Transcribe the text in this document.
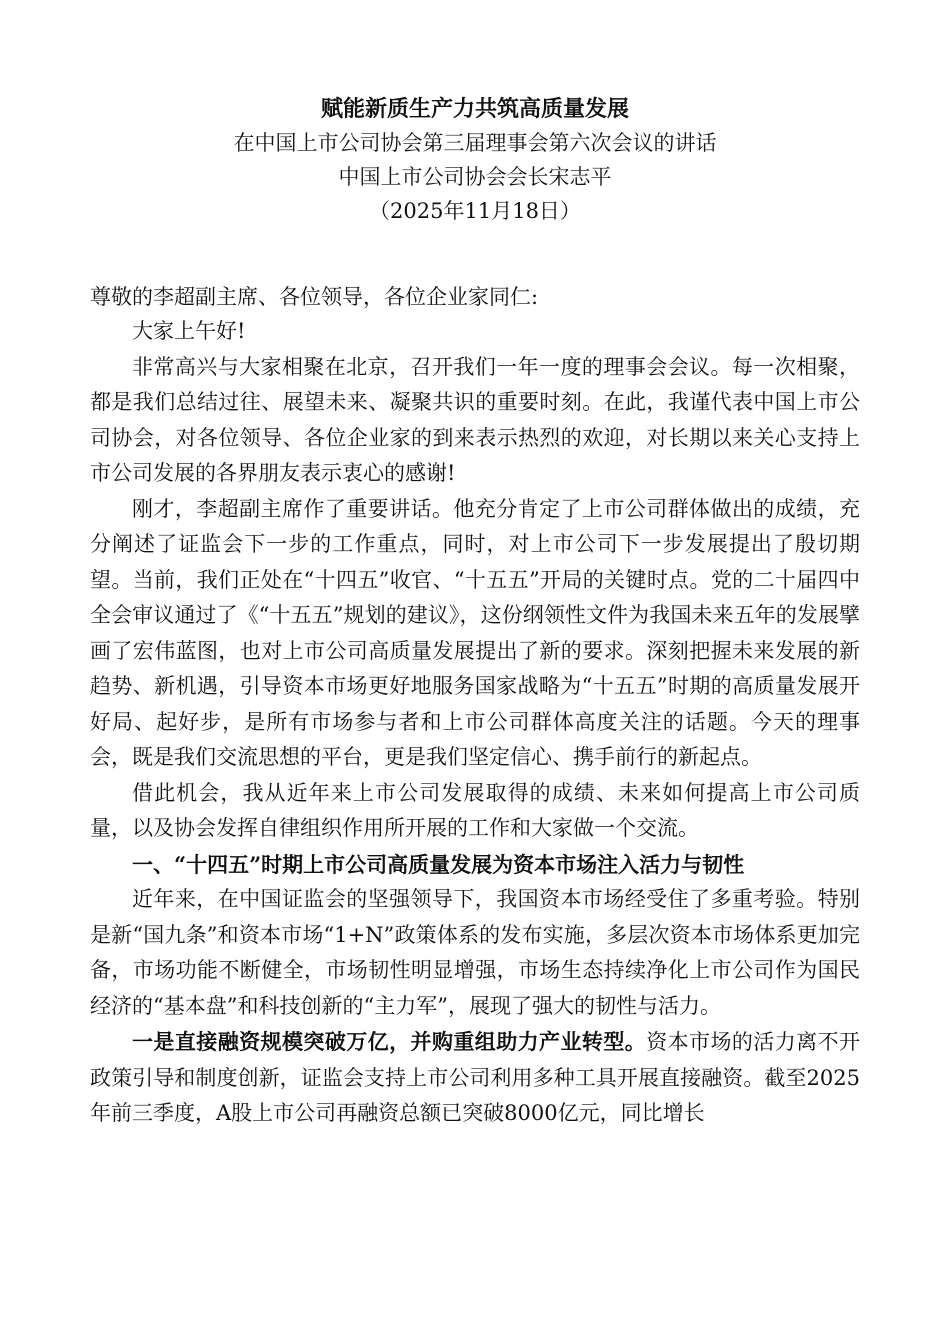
赋能新质生产力共筑高质量发展

在中国上市公司协会第三届理事会第六次会议的讲话

中国上市公司协会会长宋志平

（2025年11月18日）

尊敬的李超副主席、各位领导，各位企业家同仁:

大家上午好!

非常高兴与大家相聚在北京，召开我们一年一度的理事会会议。每一次相聚，都是我们总结过往、展望未来、凝聚共识的重要时刻。在此，我谨代表中国上市公司协会，对各位领导、各位企业家的到来表示热烈的欢迎，对长期以来关心支持上市公司发展的各界朋友表示衷心的感谢!

刚才，李超副主席作了重要讲话。他充分肯定了上市公司群体做出的成绩，充分阐述了证监会下一步的工作重点，同时，对上市公司下一步发展提出了殷切期望。当前，我们正处在“十四五”收官、“十五五”开局的关键时点。党的二十届四中全会审议通过了《“十五五”规划的建议》，这份纲领性文件为我国未来五年的发展擘画了宏伟蓝图，也对上市公司高质量发展提出了新的要求。深刻把握未来发展的新趋势、新机遇，引导资本市场更好地服务国家战略为“十五五”时期的高质量发展开好局、起好步，是所有市场参与者和上市公司群体高度关注的话题。今天的理事会，既是我们交流思想的平台，更是我们坚定信心、携手前行的新起点。

借此机会，我从近年来上市公司发展取得的成绩、未来如何提高上市公司质量，以及协会发挥自律组织作用所开展的工作和大家做一个交流。

一、“十四五”时期上市公司高质量发展为资本市场注入活力与韧性

近年来，在中国证监会的坚强领导下，我国资本市场经受住了多重考验。特别是新“国九条”和资本市场“1+N”政策体系的发布实施，多层次资本市场体系更加完备，市场功能不断健全，市场韧性明显增强，市场生态持续净化上市公司作为国民经济的“基本盘”和科技创新的“主力军”，展现了强大的韧性与活力。

一是直接融资规模突破万亿，并购重组助力产业转型。资本市场的活力离不开政策引导和制度创新，证监会支持上市公司利用多种工具开展直接融资。截至2025年前三季度，A股上市公司再融资总额已突破8000亿元，同比增长
